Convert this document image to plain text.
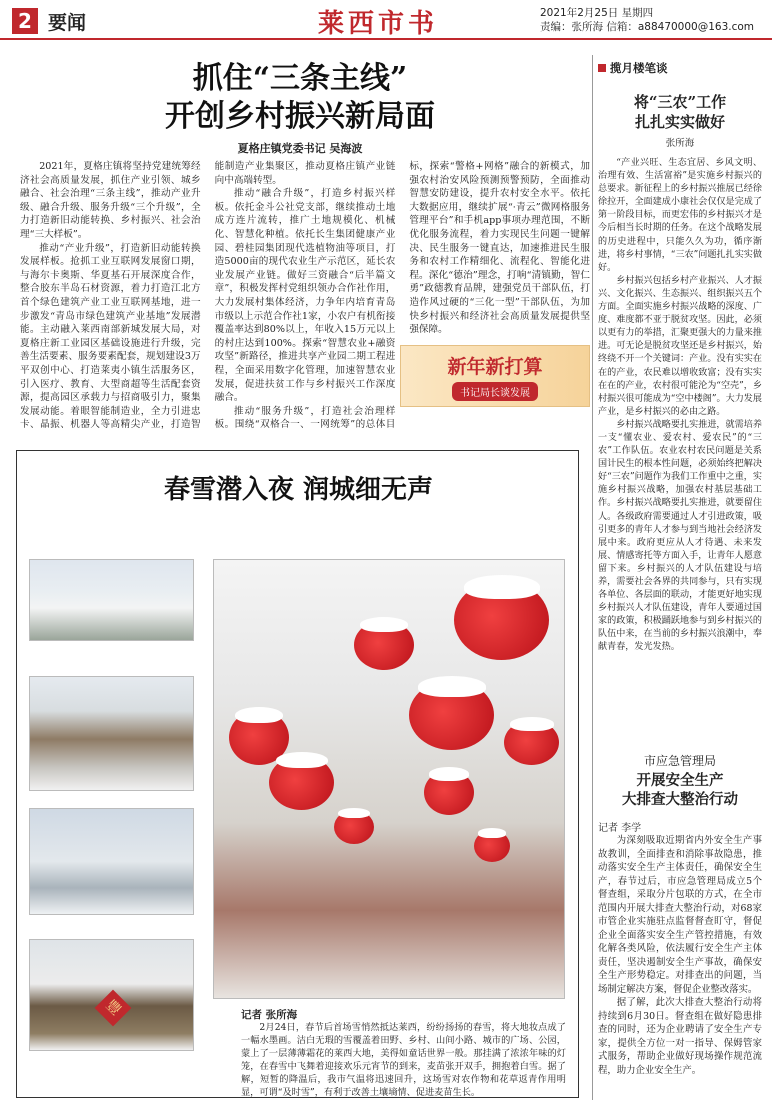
2 要闻	莱西市书	2021年2月25日 星期四
责编：张所海 信箱：a88470000@163.com
抓住“三条主线”
开创乡村振兴新局面
夏格庄镇党委书记 吴海波

2021年，夏格庄镇将坚持党建统筹经济社会高质量发展，抓住产业引领、城乡融合、社会治理“三条主线”，推动产业升级、融合升级、服务升级“三个升级”，全力打造新旧动能转换、乡村振兴、社会治理“三大样板”。

推动“产业升级”，打造新旧动能转换发展样板。抢抓工业互联网发展窗口期，与海尔卡奥斯、华夏基石开展深度合作，整合胶东半岛石材资源，着力打造江北方首个绿色建筑产业工业互联网基地，进一步激发“青岛市绿色建筑产业基地”发展潜能。主动融入莱西南部新城发展大局，对夏格庄新工业园区基础设施进行升级，完善生活要素、服务要素配套，规划建设3万平双创中心、打造莱夷小镇生活服务区，引入医疗、教育、大型商超等生活配套资源，提高园区承载力与招商吸引力，聚集发展动能。着眼智能制造业，全力引进忠卡、晶振、机器人等高精尖产业，打造智能制造产业集聚区，推动夏格庄镇产业链向中高端转型。

推动“融合升级”，打造乡村振兴样板。依托金斗公社党支部，继续推动土地成方连片流转，推广土地规模化、机械化、智慧化种植。依托长生集团健康产业园、碧桂园集团现代选植物油等项目，打造5000亩的现代农业生产示范区，延长农业发展产业链。做好三资融合“后半篇文章”，积极发挥村党组织领办合作社作用，大力发展村集体经济，力争年内培育青岛市级以上示范合作社1家，小农户有机衔接覆盖率达到80%以上，年收入15万元以上的村庄达到100%。探索“智慧农业+融资攻坚”新路径，推进共享产业园二期工程进程，全面采用数字化管理，加速智慧农业发展，促进扶贫工作与乡村振兴工作深度融合。

推动“服务升级”，打造社会治理样板。围绕“双格合一、一网统筹”的总体目标，探索“警格+网格”融合的新模式，加强农村治安风险预测预警预防，全面推动智慧安防建设，提升农村安全水平。依托大数据应用，继续扩展“·青云”微网格服务管理平台”和手机app事项办理范围，不断优化服务流程，着力实现民生问题一键解决、民生服务一键直达，加速推进民生服务和农村工作精细化、流程化、智能化进程。深化“德治”理念，打响“清镇勤，智仁勇”政德教育品牌，建强党员干部队伍，打造作风过硬的“三化一型”干部队伍，为加快乡村振兴和经济社会高质量发展提供坚强保障。

新年新打算
书记局长谈发展
春雪潜入夜 润城细无声
豐	记者 张所海
2月24日，春节后首场雪悄然抵达莱西，纷纷扬扬的春雪，将大地妆点成了一幅水墨画。洁白无瑕的雪覆盖着田野、乡村、山间小路、城市的广场、公园，蒙上了一层薄薄霜花的莱西大地，美得如童话世界一般。那挂满了浓浓年味的灯笼，在春雪中飞舞着迎接欢乐元宵节的到来，麦苗张开双手，拥抱着白雪。据了解，短暂的降温后，我市气温将迅速回升，这场雪对农作物和花草返青作用明显，可谓“及时雪”，有利于改善土壤墒情、促进麦苗生长。
揽月楼笔谈
将“三农”工作
扎扎实实做好
张所海

“产业兴旺、生态宜居、乡风文明、治理有效、生活富裕”是实施乡村振兴的总要求。新征程上的乡村振兴推展已经徐徐拉开，全面建成小康社会仅仅是完成了第一阶段目标，而更宏伟的乡村振兴才是今后相当长时期的任务。在这个战略发展的历史进程中，只能久久为功，循序渐进，将乡村事情，“三农”问题扎扎实实做好。

乡村振兴包括乡村产业振兴、人才振兴、文化振兴、生态振兴、组织振兴五个方面。全面实施乡村振兴战略的深度、广度、难度都不亚于脱贫攻坚。因此，必须以更有力的举措，汇聚更强大的力量来推进。可无论是脱贫攻坚还是乡村振兴，始终绕不开一个关键词：产业。没有实实在在的产业，农民难以增收致富；没有实实在在的产业，农村很可能沦为“空壳”，乡村振兴很可能成为“空中楼阁”。大力发展产业，是乡村振兴的必由之路。

乡村振兴战略要扎实推进，就需培养一支“懂农业、爱农村、爱农民”的“三农”工作队伍。农业农村农民问题是关系国计民生的根本性问题，必须始终把解决好“三农”问题作为我们工作重中之重，实施乡村振兴战略，加强农村基层基础工作。乡村振兴战略要扎实推进，就要留住人。各级政府需要通过人才引进政策，吸引更多的青年人才参与到当地社会经济发展中来。政府更应从人才待遇、未来发展、情感寄托等方面入手，让青年人愿意留下来。乡村振兴的人才队伍建设与培养，需要社会各界的共同参与，只有实现各单位、各层面的联动，才能更好地实现乡村振兴人才队伍建设，青年人要通过国家的政策，积极踊跃地参与到乡村振兴的队伍中来，在当前的乡村振兴浪潮中，奉献青春，发光发热。

市应急管理局
开展安全生产
大排查大整治行动
记者 李学

为深刻吸取近期省内外安全生产事故教训，全面排查和消除事故隐患，推动落实安全生产主体责任，确保安全生产，春节过后，市应急管理局成立5个督查组，采取分片包联的方式，在全市范围内开展大排查大整治行动，对68家市管企业实施驻点监督督查盯守，督促企业全面落实安全生产管控措施，有效化解各类风险，依法履行安全生产主体责任，坚决遏制安全生产事故，确保安全生产形势稳定。对排查出的问题，当场制定解决方案，督促企业整改落实。

据了解，此次大排查大整治行动将持续到6月30日。督查组在做好隐患排查的同时，还为企业聘请了安全生产专家，提供全方位一对一指导、保姆管家式服务，帮助企业做好现场操作规范流程，助力企业安全生产。
